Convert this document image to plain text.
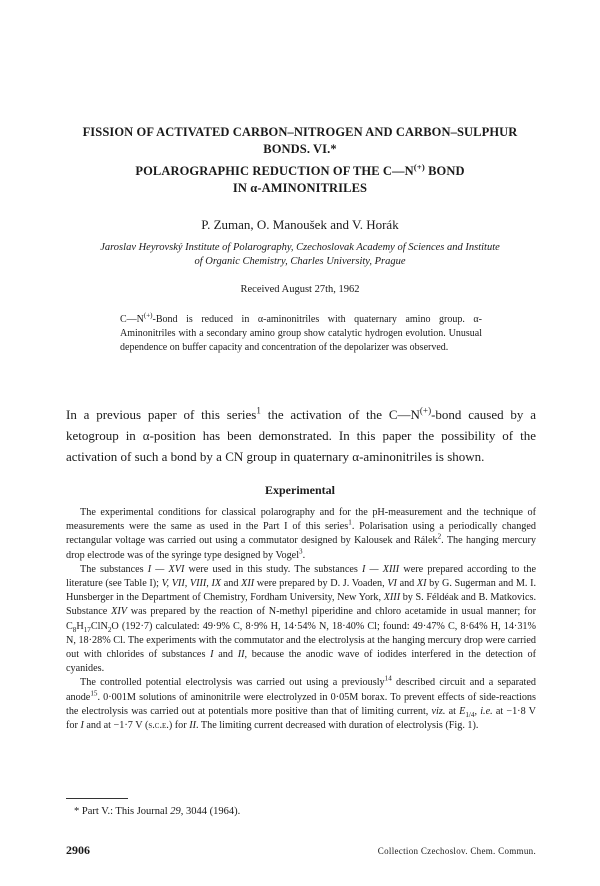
FISSION OF ACTIVATED CARBON–NITROGEN AND CARBON–SULPHUR
BONDS. VI.*
POLAROGRAPHIC REDUCTION OF THE C—N(+) BOND
IN α-AMINONITRILES
P. Zuman, O. Manoušek and V. Horák
Jaroslav Heyrovský Institute of Polarography, Czechoslovak Academy of Sciences and Institute
of Organic Chemistry, Charles University, Prague
Received August 27th, 1962
C—N(+)-Bond is reduced in α-aminonitriles with quaternary amino group. α-Aminonitriles with a secondary amino group show catalytic hydrogen evolution. Unusual dependence on buffer capacity and concentration of the depolarizer was observed.
In a previous paper of this series$^1$ the activation of the C—N(+)-bond caused by a ketogroup in α-position has been demonstrated. In this paper the possibility of the activation of such a bond by a CN group in quaternary α-aminonitriles is shown.
Experimental

The experimental conditions for classical polarography and for the pH-measurement and the technique of measurements were the same as used in the Part I of this series$^1$. Polarisation using a periodically changed rectangular voltage was carried out using a commutator designed by Kalousek and Rálek$^2$. The hanging mercury drop electrode was of the syringe type designed by Vogel$^3$.

The substances I — XVI were used in this study. The substances I — XIII were prepared according to the literature (see Table I); V, VII, VIII, IX and XII were prepared by D. J. Voaden, VI and XI by G. Sugerman and M. I. Hunsberger in the Department of Chemistry, Fordham University, New York, XIII by S. Féldéak and B. Matkovics. Substance XIV was prepared by the reaction of N-methyl piperidine and chloro acetamide in usual manner; for $C_8H_{17}ClN_2O$ (192·7) calculated: 49·9% C, 8·9% H, 14·54% N, 18·40% Cl; found: 49·47% C, 8·64% H, 14·31% N, 18·28% Cl. The experiments with the commutator and the electrolysis at the hanging mercury drop were carried out with chlorides of substances I and II, because the anodic wave of iodides interfered in the detection of cyanides.

The controlled potential electrolysis was carried out using a previously$^{14}$ described circuit and a separated anode$^{15}$. 0·001M solutions of aminonitrile were electrolyzed in 0·05M borax. To prevent effects of side-reactions the electrolysis was carried out at potentials more positive than that of limiting current, viz. at $E_{1/4}$, i.e. at −1·8 V for I and at −1·7 V (s.c.e.) for II. The limiting current decreased with duration of electrolysis (Fig. 1).

* Part V.: This Journal 29, 3044 (1964).
2906	Collection Czechoslov. Chem. Commun.
